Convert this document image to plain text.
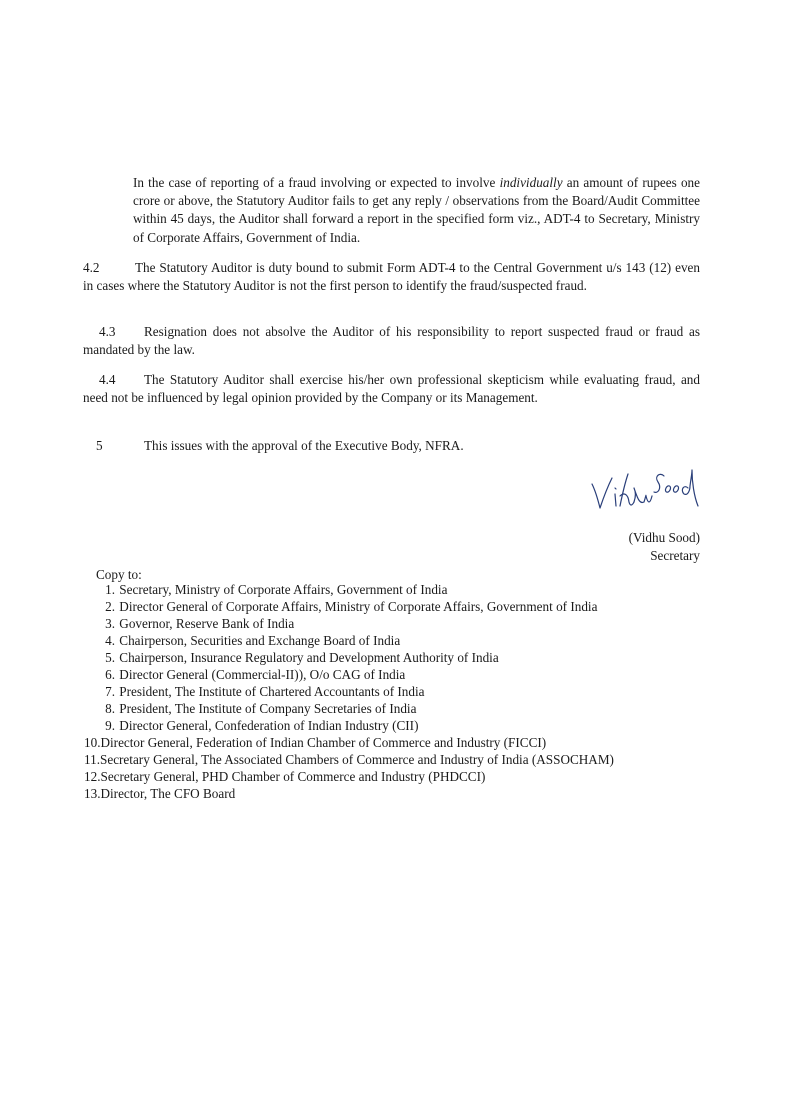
In the case of reporting of a fraud involving or expected to involve individually an amount of rupees one crore or above, the Statutory Auditor fails to get any reply / observations from the Board/Audit Committee within 45 days, the Auditor shall forward a report in the specified form viz., ADT-4 to Secretary, Ministry of Corporate Affairs, Government of India.

4.2	The Statutory Auditor is duty bound to submit Form ADT-4 to the Central Government u/s 143 (12) even in cases where the Statutory Auditor is not the first person to identify the fraud/suspected fraud.

4.3 Resignation does not absolve the Auditor of his responsibility to report suspected fraud or fraud as mandated by the law.

4.4 The Statutory Auditor shall exercise his/her own professional skepticism while evaluating fraud, and need not be influenced by legal opinion provided by the Company or its Management.

5	This issues with the approval of the Executive Body, NFRA.

(Vidhu Sood)
Secretary
Copy to:
1. Secretary, Ministry of Corporate Affairs, Government of India
2. Director General of Corporate Affairs, Ministry of Corporate Affairs, Government of India
3. Governor, Reserve Bank of India
4. Chairperson, Securities and Exchange Board of India
5. Chairperson, Insurance Regulatory and Development Authority of India
6. Director General (Commercial-II)), O/o CAG of India
7. President, The Institute of Chartered Accountants of India
8. President, The Institute of Company Secretaries of India
9. Director General, Confederation of Indian Industry (CII)
10.Director General, Federation of Indian Chamber of Commerce and Industry (FICCI)
11.Secretary General, The Associated Chambers of Commerce and Industry of India (ASSOCHAM)
12.Secretary General, PHD Chamber of Commerce and Industry (PHDCCI)
13.Director, The CFO Board
